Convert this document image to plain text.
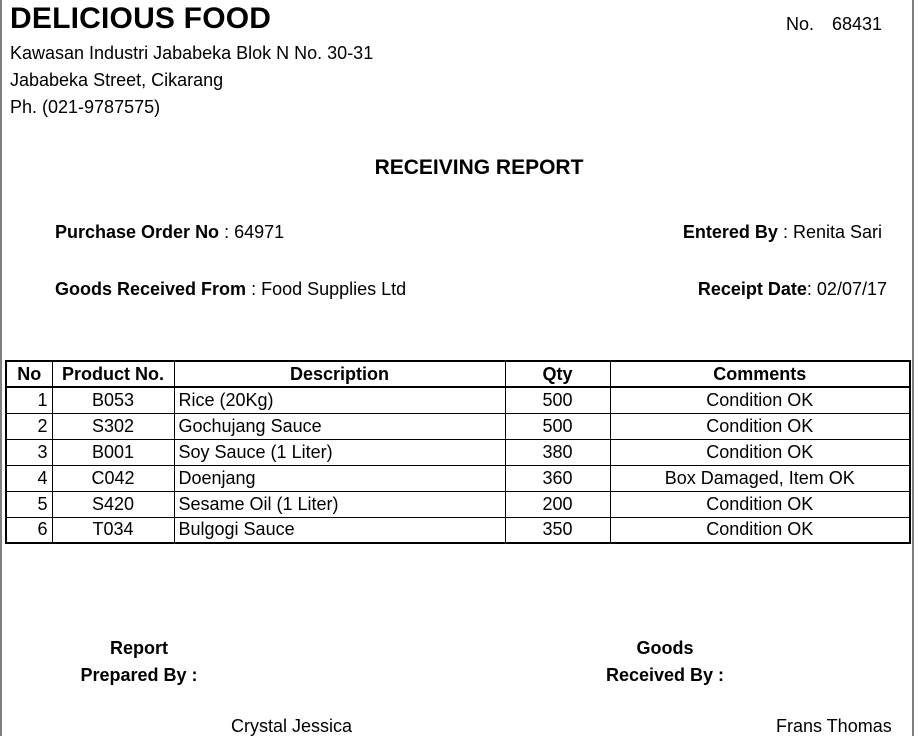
DELICIOUS FOOD
Kawasan Industri Jababeka Blok N No. 30-31
Jababeka Street, Cikarang
Ph. (021-9787575)
No. 68431
RECEIVING REPORT
Purchase Order No : 64971	Entered By : Renita Sari
Goods Received From : Food Supplies Ltd	Receipt Date: 02/07/17
No	Product No.	Description	Qty	Comments
1	B053	Rice (20Kg)	500	Condition OK
2	S302	Gochujang Sauce	500	Condition OK
3	B001	Soy Sauce (1 Liter)	380	Condition OK
4	C042	Doenjang	360	Box Damaged, Item OK
5	S420	Sesame Oil (1 Liter)	200	Condition OK
6	T034	Bulgogi Sauce	350	Condition OK
Report
Prepared By :
Goods
Received By :
Crystal Jessica	Frans Thomas
